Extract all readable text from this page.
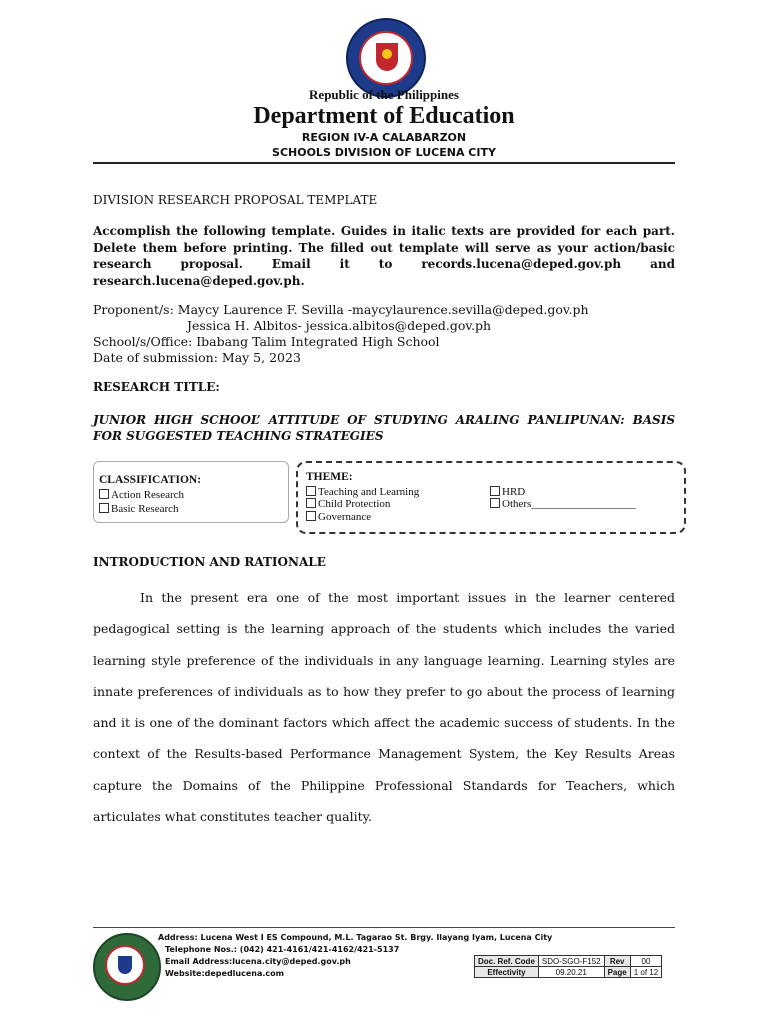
Republic of the Philippines
Department of Education
REGION IV-A CALABARZON
SCHOOLS DIVISION OF LUCENA CITY
DIVISION RESEARCH PROPOSAL TEMPLATE
Accomplish the following template. Guides in italic texts are provided for each part. Delete them before printing. The filled out template will serve as your action/basic research proposal. Email it to records.lucena@deped.gov.ph and research.lucena@deped.gov.ph.
Proponent/s: Maycy Laurence F. Sevilla -maycylaurence.sevilla@deped.gov.ph
Jessica H. Albitos- jessica.albitos@deped.gov.ph
School/s/Office: Ibabang Talim Integrated High School
Date of submission: May 5, 2023
RESEARCH TITLE:
JUNIOR HIGH SCHOOL’ ATTITUDE OF STUDYING ARALING PANLIPUNAN: BASIS FOR SUGGESTED TEACHING STRATEGIES
CLASSIFICATION:
Action Research
Basic Research
THEME:
Teaching and Learning
Child Protection
Governance
HRD
Others___________________
INTRODUCTION AND RATIONALE
In the present era one of the most important issues in the learner centered pedagogical setting is the learning approach of the students which includes the varied learning style preference of the individuals in any language learning. Learning styles are innate preferences of individuals as to how they prefer to go about the process of learning and it is one of the dominant factors which affect the academic success of students. In the context of the Results-based Performance Management System, the Key Results Areas capture the Domains of the Philippine Professional Standards for Teachers, which articulates what constitutes teacher quality.
Address: Lucena West I ES Compound, M.L. Tagarao St. Brgy. Ilayang Iyam, Lucena City
Telephone Nos.: (042) 421-4161/421-4162/421-5137
Email Address:lucena.city@deped.gov.ph
Website:depedlucena.com
Doc. Ref. Code	SDO-SGO-F152	Rev	00
Effectivity	09.20.21	Page	1 of 12
